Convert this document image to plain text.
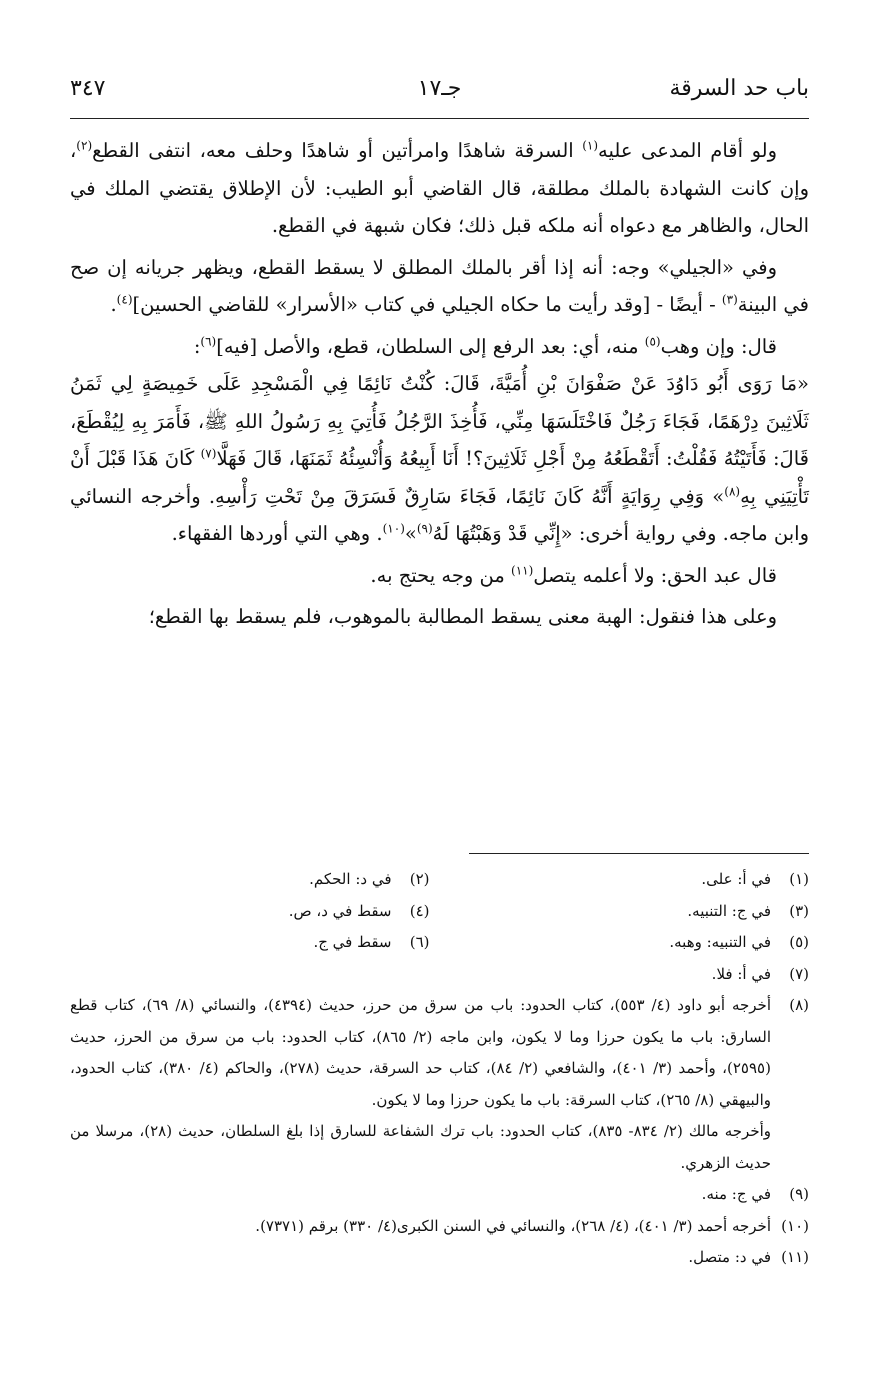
باب حد السرقة
جـ١٧
٣٤٧

ولو أقام المدعى عليه$^{(١)}$ السرقة شاهدًا وامرأتين أو شاهدًا وحلف معه، انتفى القطع$^{(٢)}$، وإن كانت الشهادة بالملك مطلقة، قال القاضي أبو الطيب: لأن الإطلاق يقتضي الملك في الحال، والظاهر مع دعواه أنه ملكه قبل ذلك؛ فكان شبهة في القطع.

وفي «الجيلي» وجه: أنه إذا أقر بالملك المطلق لا يسقط القطع، ويظهر جريانه إن صح في البينة$^{(٣)}$ - أيضًا - [وقد رأيت ما حكاه الجيلي في كتاب «الأسرار» للقاضي الحسين]$^{(٤)}$.

قال: وإن وهب$^{(٥)}$ منه، أي: بعد الرفع إلى السلطان، قطع، والأصل [فيه]$^{(٦)}$:

«مَا رَوَى أَبُو دَاوُدَ عَنْ صَفْوَانَ بْنِ أُمَيَّةَ، قَالَ: كُنْتُ نَائِمًا فِي الْمَسْجِدِ عَلَى خَمِيصَةٍ لِي ثَمَنُ ثَلَاثِينَ دِرْهَمًا، فَجَاءَ رَجُلٌ فَاخْتَلَسَهَا مِنِّي، فَأُخِذَ الرَّجُلُ فَأُتِيَ بِهِ رَسُولُ اللهِ ﷺ، فَأَمَرَ بِهِ لِيُقْطَعَ، قَالَ: فَأَتَيْتُهُ فَقُلْتُ: أَتَقْطَعُهُ مِنْ أَجْلِ ثَلَاثِينَ؟! أَنَا أَبِيعُهُ وَأُنْسِئُهُ ثَمَنَهَا، قَالَ فَهَلَّا$^{(٧)}$ كَانَ هَذَا قَبْلَ أَنْ تَأْتِيَنِي بِهِ$^{(٨)}$» وَفِي رِوَايَةٍ أَنَّهُ كَانَ نَائِمًا، فَجَاءَ سَارِقٌ فَسَرَقَ مِنْ تَحْتِ رَأْسِهِ. وأخرجه النسائي وابن ماجه. وفي رواية أخرى: «إِنِّي قَدْ وَهَبْتُهَا لَهُ$^{(٩)}$»$^{(١٠)}$. وهي التي أوردها الفقهاء.

قال عبد الحق: ولا أعلمه يتصل$^{(١١)}$ من وجه يحتج به.

وعلى هذا فنقول: الهبة معنى يسقط المطالبة بالموهوب، فلم يسقط بها القطع؛

(١)في أ: على.

(٢)في د: الحكم.

(٣)في ج: التنبيه.

(٤)سقط في د، ص.

(٥)في التنبيه: وهبه.

(٦)سقط في ج.

(٧)في أ: فلا.

(٨)أخرجه أبو داود (٤/ ٥٥٣)، كتاب الحدود: باب من سرق من حرز، حديث (٤٣٩٤)، والنسائي (٨/ ٦٩)، كتاب قطع السارق: باب ما يكون حرزا وما لا يكون، وابن ماجه (٢/ ٨٦٥)، كتاب الحدود: باب من سرق من الحرز، حديث (٢٥٩٥)، وأحمد (٣/ ٤٠١)، والشافعي (٢/ ٨٤)، كتاب حد السرقة، حديث (٢٧٨)، والحاكم (٤/ ٣٨٠)، كتاب الحدود، والبيهقي (٨/ ٢٦٥)، كتاب السرقة: باب ما يكون حرزا وما لا يكون.

وأخرجه مالك (٢/ ٨٣٤- ٨٣٥)، كتاب الحدود: باب ترك الشفاعة للسارق إذا بلغ السلطان، حديث (٢٨)، مرسلا من حديث الزهري.

(٩)في ج: منه.

(١٠)أخرجه أحمد (٣/ ٤٠١)، (٤/ ٢٦٨)، والنسائي في السنن الكبرى(٤/ ٣٣٠) برقم (٧٣٧١).

(١١)في د: متصل.
